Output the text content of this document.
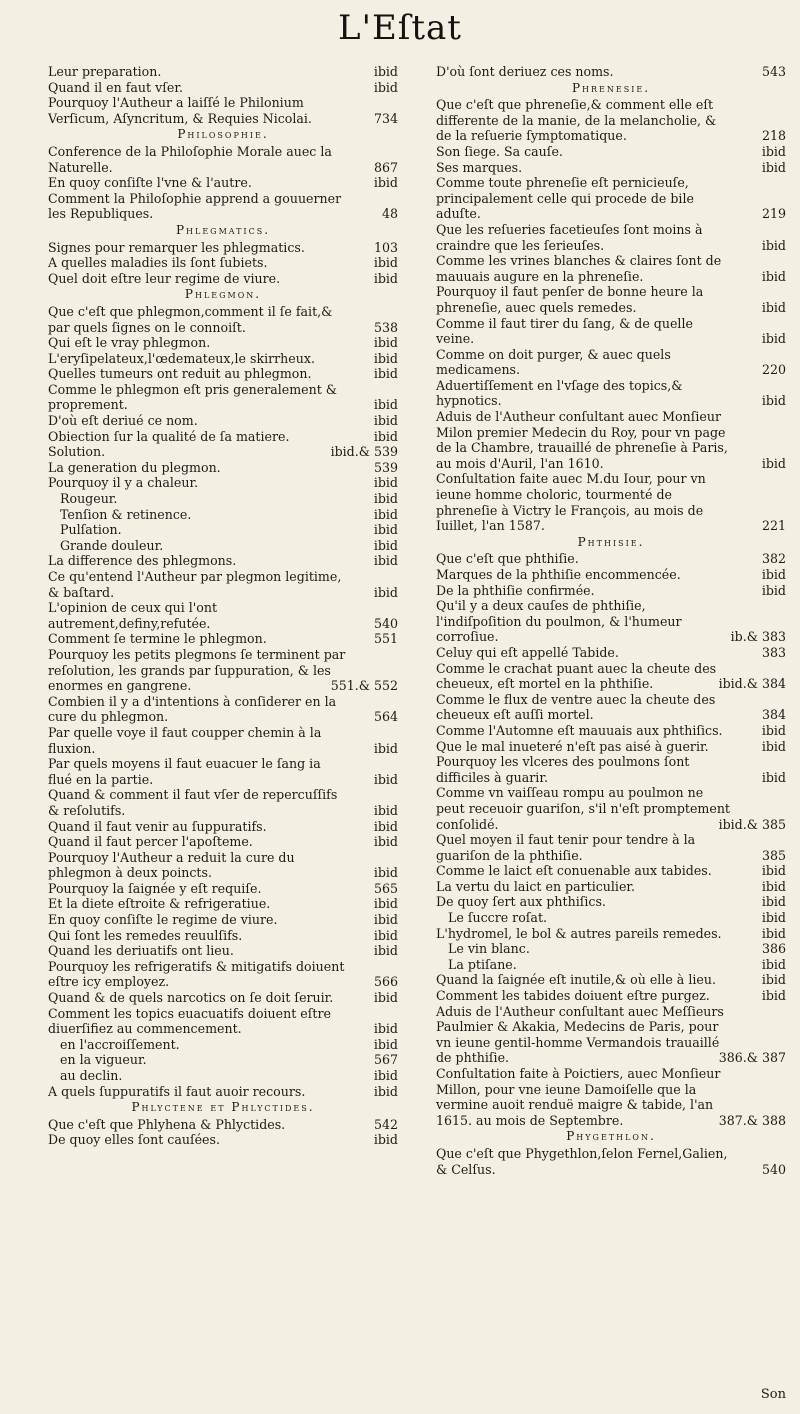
L'Eſtat
Leur preparation.	ibid
Quand il en faut vſer.	ibid
Pourquoy l'Autheur a laiſſé le Philonium Verſicum, Aſyncritum, & Requies Nicolai.	734
Philosophie.
Conference de la Philoſophie Morale auec la Naturelle.	867
En quoy conſiſte l'vne & l'autre.	ibid
Comment la Philoſophie apprend a gouuerner les Republiques.	48
Phlegmatics.
Signes pour remarquer les phlegmatics.	103
A quelles maladies ils ſont ſubiets.	ibid
Quel doit eſtre leur regime de viure.	ibid
Phlegmon.
Que c'eſt que phlegmon,comment il ſe fait,& par quels ſignes on le connoiſt.	538
Qui eſt le vray phlegmon.	ibid
L'eryſipelateux,l'œdemateux,le skirrheux.	ibid
Quelles tumeurs ont reduit au phlegmon.	ibid
Comme le phlegmon eſt pris generalement & proprement.	ibid
D'où eſt deriué ce nom.	ibid
Obiection ſur la qualité de ſa matiere.	ibid
Solution.	ibid.& 539
La generation du plegmon.	539
Pourquoy il y a chaleur.	ibid
Rougeur.	ibid
Tenſion & retinence.	ibid
Pulſation.	ibid
Grande douleur.	ibid
La difference des phlegmons.	ibid
Ce qu'entend l'Autheur par plegmon legitime, & baſtard.	ibid
L'opinion de ceux qui l'ont autrement,definy,refutée.	540
Comment ſe termine le phlegmon.	551
Pourquoy les petits plegmons ſe terminent par reſolution, les grands par ſuppuration, & les enormes en gangrene.	551.& 552
Combien il y a d'intentions à conſiderer en la cure du phlegmon.	564
Par quelle voye il faut coupper chemin à la fluxion.	ibid
Par quels moyens il faut euacuer le ſang ia flué en la partie.	ibid
Quand & comment il faut vſer de repercuſſifs & reſolutifs.	ibid
Quand il faut venir au ſuppuratifs.	ibid
Quand il faut percer l'apoſteme.	ibid
Pourquoy l'Autheur a reduit la cure du phlegmon à deux poincts.	ibid
Pourquoy la ſaignée y eſt requiſe.	565
Et la diete eſtroite & refrigeratiue.	ibid
En quoy conſiſte le regime de viure.	ibid
Qui ſont les remedes reuulſifs.	ibid
Quand les deriuatifs ont lieu.	ibid
Pourquoy les refrigeratifs & mitigatifs doiuent eſtre icy employez.	566
Quand & de quels narcotics on ſe doit ſeruir.	ibid
Comment les topics euacuatifs doiuent eſtre diuerſifiez au commencement.	ibid
en l'accroiſſement.	ibid
en la vigueur.	567
au declin.	ibid
A quels ſuppuratifs il faut auoir recours.	ibid
Phlyctene et Phlyctides.
Que c'eſt que Phlyhena & Phlyctides.	542
De quoy elles ſont cauſées.	ibid
D'où ſont deriuez ces noms.	543
Phrenesie.
Que c'eſt que phreneſie,& comment elle eſt differente de la manie, de la melancholie, & de la reſuerie ſymptomatique.	218
Son ſiege. Sa cauſe.	ibid
Ses marques.	ibid
Comme toute phreneſie eſt pernicieuſe, principalement celle qui procede de bile aduſte.	219
Que les reſueries facetieuſes ſont moins à craindre que les ſerieuſes.	ibid
Comme les vrines blanches & claires ſont de mauuais augure en la phreneſie.	ibid
Pourquoy il faut penſer de bonne heure la phreneſie, auec quels remedes.	ibid
Comme il faut tirer du ſang, & de quelle veine.	ibid
Comme on doit purger, & auec quels medicamens.	220
Aduertiſſement en l'vſage des topics,& hypnotics.	ibid
Aduis de l'Autheur conſultant auec Monſieur Milon premier Medecin du Roy, pour vn page de la Chambre, trauaillé de phreneſie à Paris, au mois d'Auril, l'an 1610.	ibid
Conſultation faite auec M.du Iour, pour vn ieune homme choloric, tourmenté de phreneſie à Victry le François, au mois de Iuillet, l'an 1587.	221
Phthisie.
Que c'eſt que phthiſie.	382
Marques de la phthiſie encommencée.	ibid
De la phthiſie confirmée.	ibid
Qu'il y a deux cauſes de phthiſie, l'indiſpoſition du poulmon, & l'humeur corroſiue.	ib.& 383
Celuy qui eſt appellé Tabide.	383
Comme le crachat puant auec la cheute des cheueux, eſt mortel en la phthiſie.	ibid.& 384
Comme le flux de ventre auec la cheute des cheueux eſt auſſi mortel.	384
Comme l'Automne eſt mauuais aux phthiſics.	ibid
Que le mal inueteré n'eſt pas aisé à guerir.	ibid
Pourquoy les vlceres des poulmons ſont difficiles à guarir.	ibid
Comme vn vaiſſeau rompu au poulmon ne peut receuoir guariſon, s'il n'eſt promptement conſolidé.	ibid.& 385
Quel moyen il faut tenir pour tendre à la guariſon de la phthiſie.	385
Comme le laict eſt conuenable aux tabides.	ibid
La vertu du laict en particulier.	ibid
De quoy ſert aux phthiſics.	ibid
Le ſuccre roſat.	ibid
L'hydromel, le bol & autres pareils remedes.	ibid
Le vin blanc.	386
La ptiſane.	ibid
Quand la ſaignée eſt inutile,& où elle à lieu.	ibid
Comment les tabides doiuent eſtre purgez.	ibid
Aduis de l'Autheur conſultant auec Meſſieurs Paulmier & Akakia, Medecins de Paris, pour vn ieune gentil-homme Vermandois trauaillé de phthiſie.	386.& 387
Conſultation faite à Poictiers, auec Monſieur Millon, pour vne ieune Damoiſelle que la vermine auoit renduë maigre & tabide, l'an 1615. au mois de Septembre.	387.& 388
Phygethlon.
Que c'eſt que Phygethlon,ſelon Fernel,Galien, & Celſus.	540
Son
